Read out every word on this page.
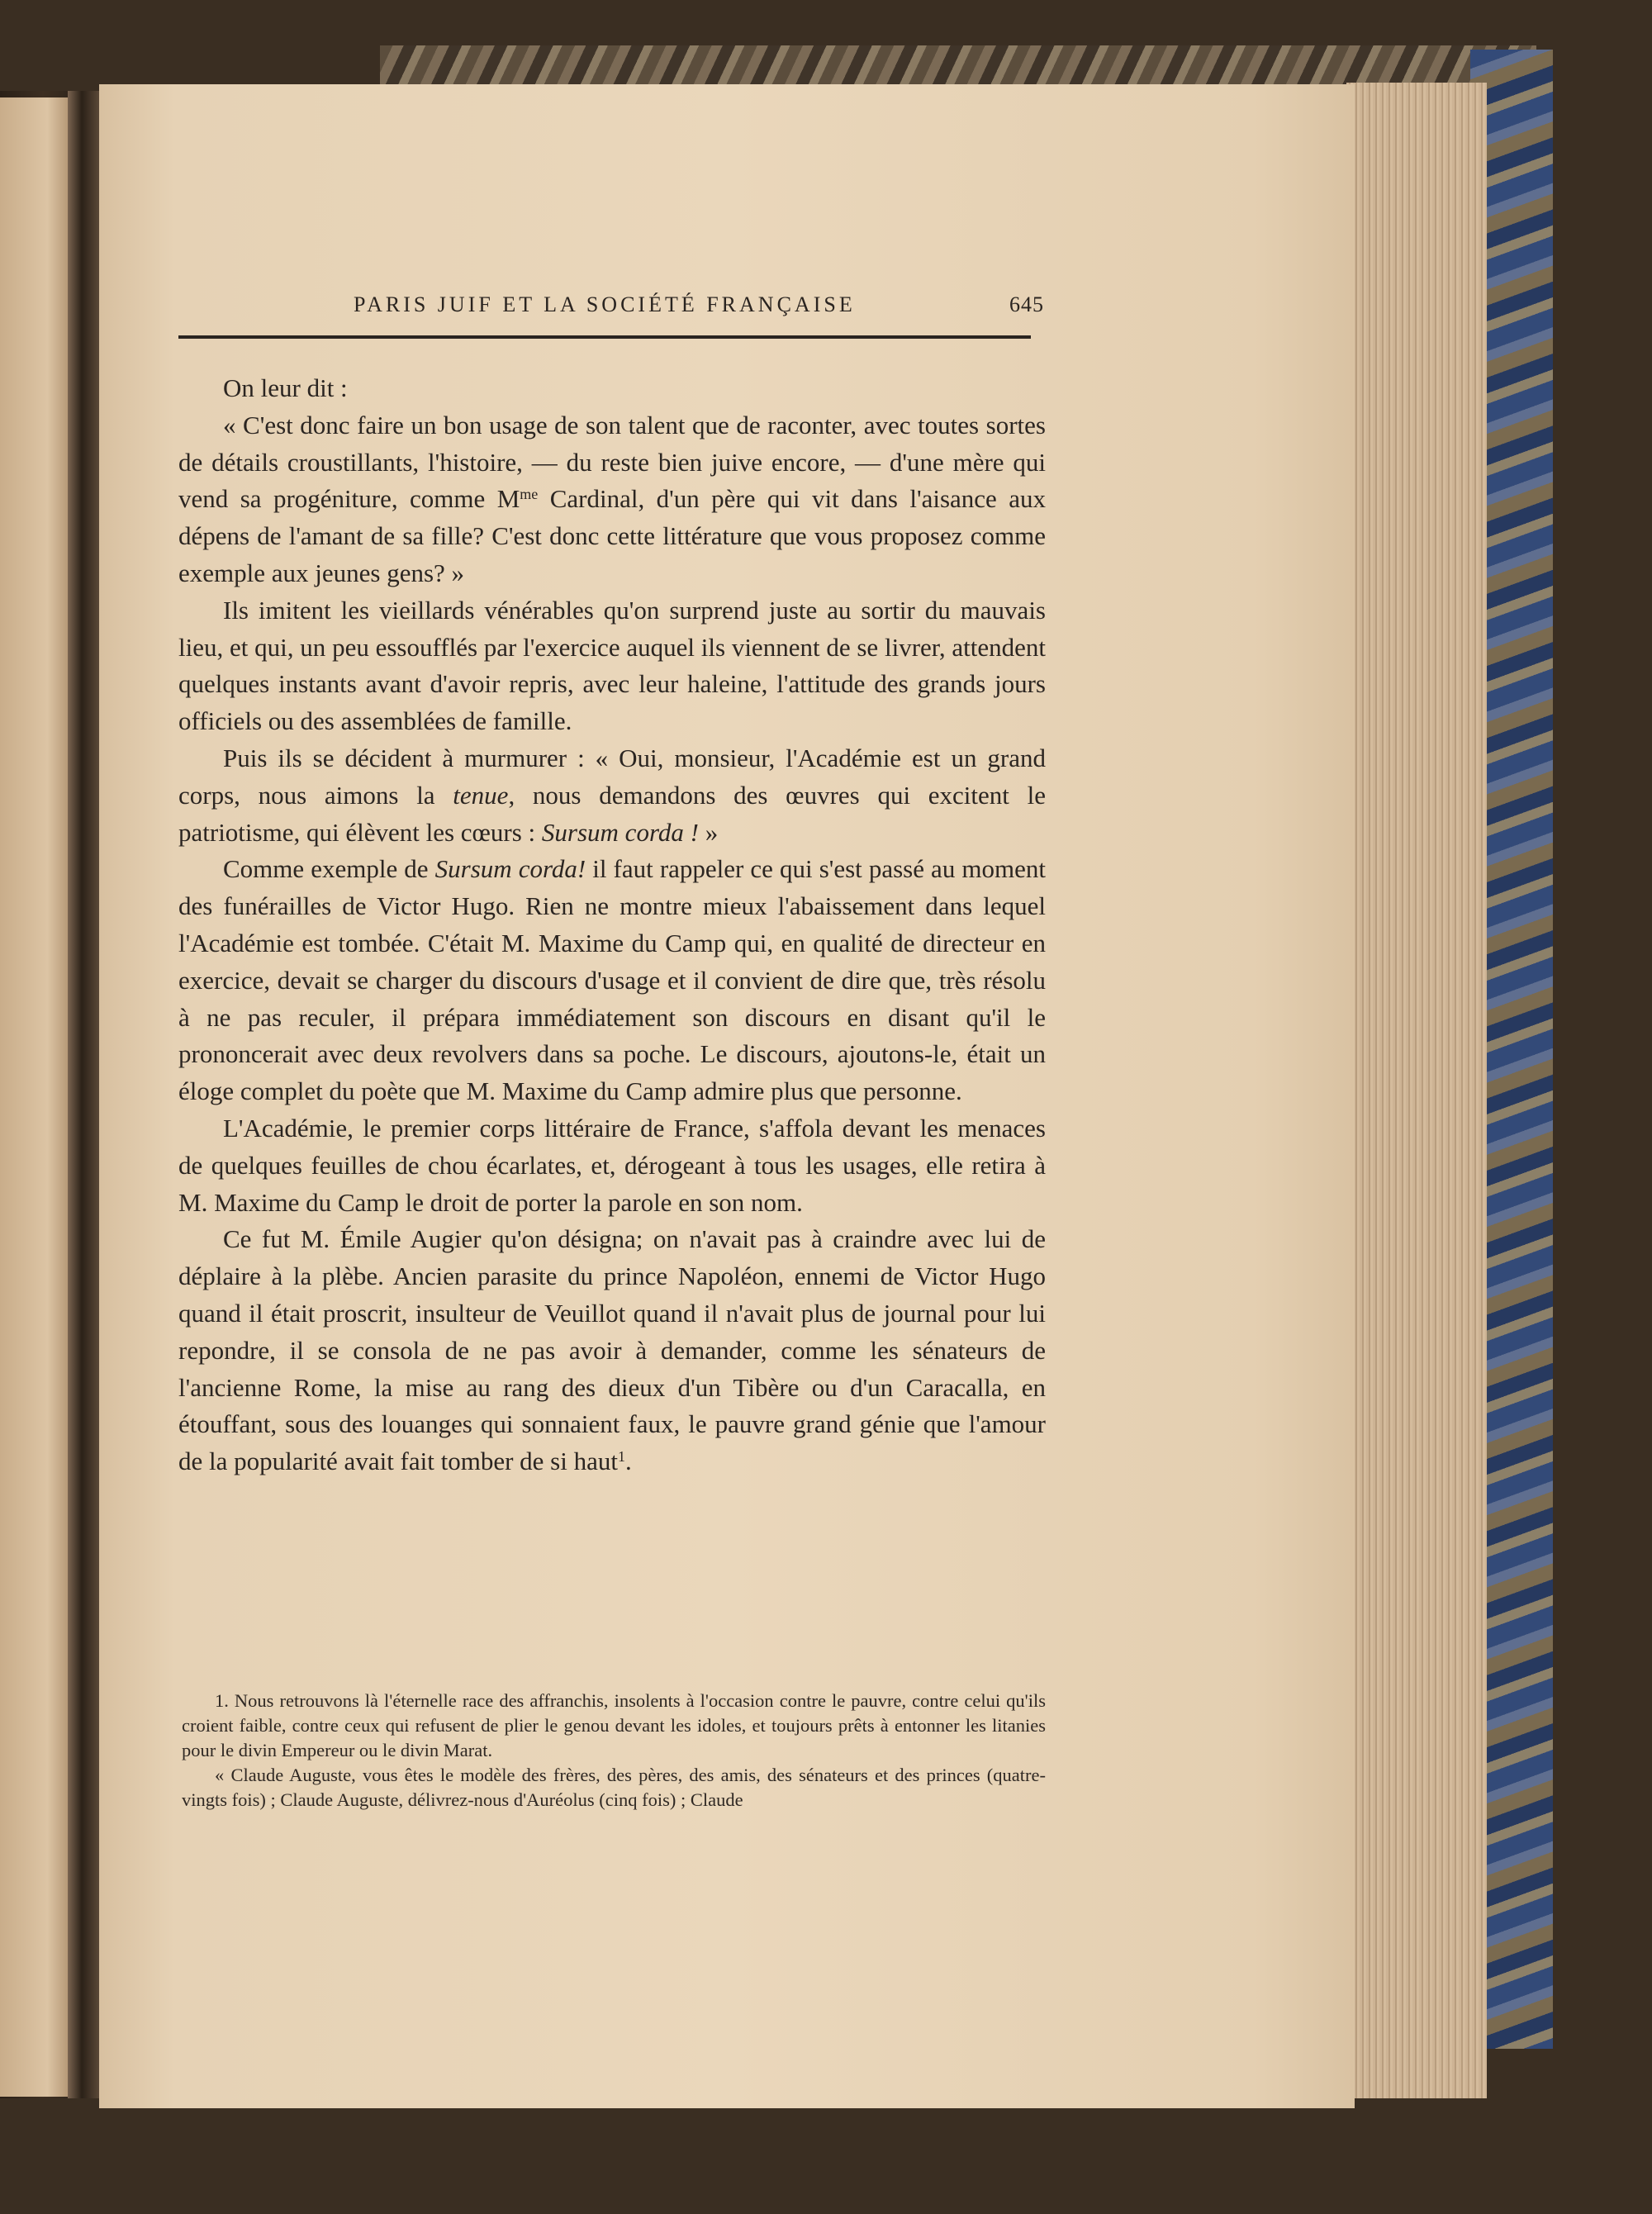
PARIS JUIF ET LA SOCIÉTÉ FRANÇAISE	645

On leur dit :

« C'est donc faire un bon usage de son talent que de raconter, avec toutes sortes de détails croustillants, l'histoire, — du reste bien juive encore, — d'une mère qui vend sa progéniture, comme $M^{me}$ Cardinal, d'un père qui vit dans l'aisance aux dépens de l'amant de sa fille? C'est donc cette littérature que vous proposez comme exemple aux jeunes gens? »

Ils imitent les vieillards vénérables qu'on surprend juste au sortir du mauvais lieu, et qui, un peu essoufflés par l'exercice auquel ils viennent de se livrer, attendent quelques instants avant d'avoir repris, avec leur haleine, l'attitude des grands jours officiels ou des assemblées de famille.

Puis ils se décident à murmurer : « Oui, monsieur, l'Académie est un grand corps, nous aimons la tenue, nous demandons des œuvres qui excitent le patriotisme, qui élèvent les cœurs : Sursum corda ! »

Comme exemple de Sursum corda! il faut rappeler ce qui s'est passé au moment des funérailles de Victor Hugo. Rien ne montre mieux l'abaissement dans lequel l'Académie est tombée. C'était M. Maxime du Camp qui, en qualité de directeur en exercice, devait se charger du discours d'usage et il convient de dire que, très résolu à ne pas reculer, il prépara immédiatement son discours en disant qu'il le prononcerait avec deux revolvers dans sa poche. Le discours, ajoutons-le, était un éloge complet du poète que M. Maxime du Camp admire plus que personne.

L'Académie, le premier corps littéraire de France, s'affola devant les menaces de quelques feuilles de chou écarlates, et, dérogeant à tous les usages, elle retira à M. Maxime du Camp le droit de porter la parole en son nom.

Ce fut M. Émile Augier qu'on désigna; on n'avait pas à craindre avec lui de déplaire à la plèbe. Ancien parasite du prince Napoléon, ennemi de Victor Hugo quand il était proscrit, insulteur de Veuillot quand il n'avait plus de journal pour lui repondre, il se consola de ne pas avoir à demander, comme les sénateurs de l'ancienne Rome, la mise au rang des dieux d'un Tibère ou d'un Caracalla, en étouffant, sous des louanges qui sonnaient faux, le pauvre grand génie que l'amour de la popularité avait fait tomber de si haut$^1$.

1. Nous retrouvons là l'éternelle race des affranchis, insolents à l'occasion contre le pauvre, contre celui qu'ils croient faible, contre ceux qui refusent de plier le genou devant les idoles, et toujours prêts à entonner les litanies pour le divin Empereur ou le divin Marat.

« Claude Auguste, vous êtes le modèle des frères, des pères, des amis, des sénateurs et des princes (quatre-vingts fois) ; Claude Auguste, délivrez-nous d'Auréolus (cinq fois) ; Claude
